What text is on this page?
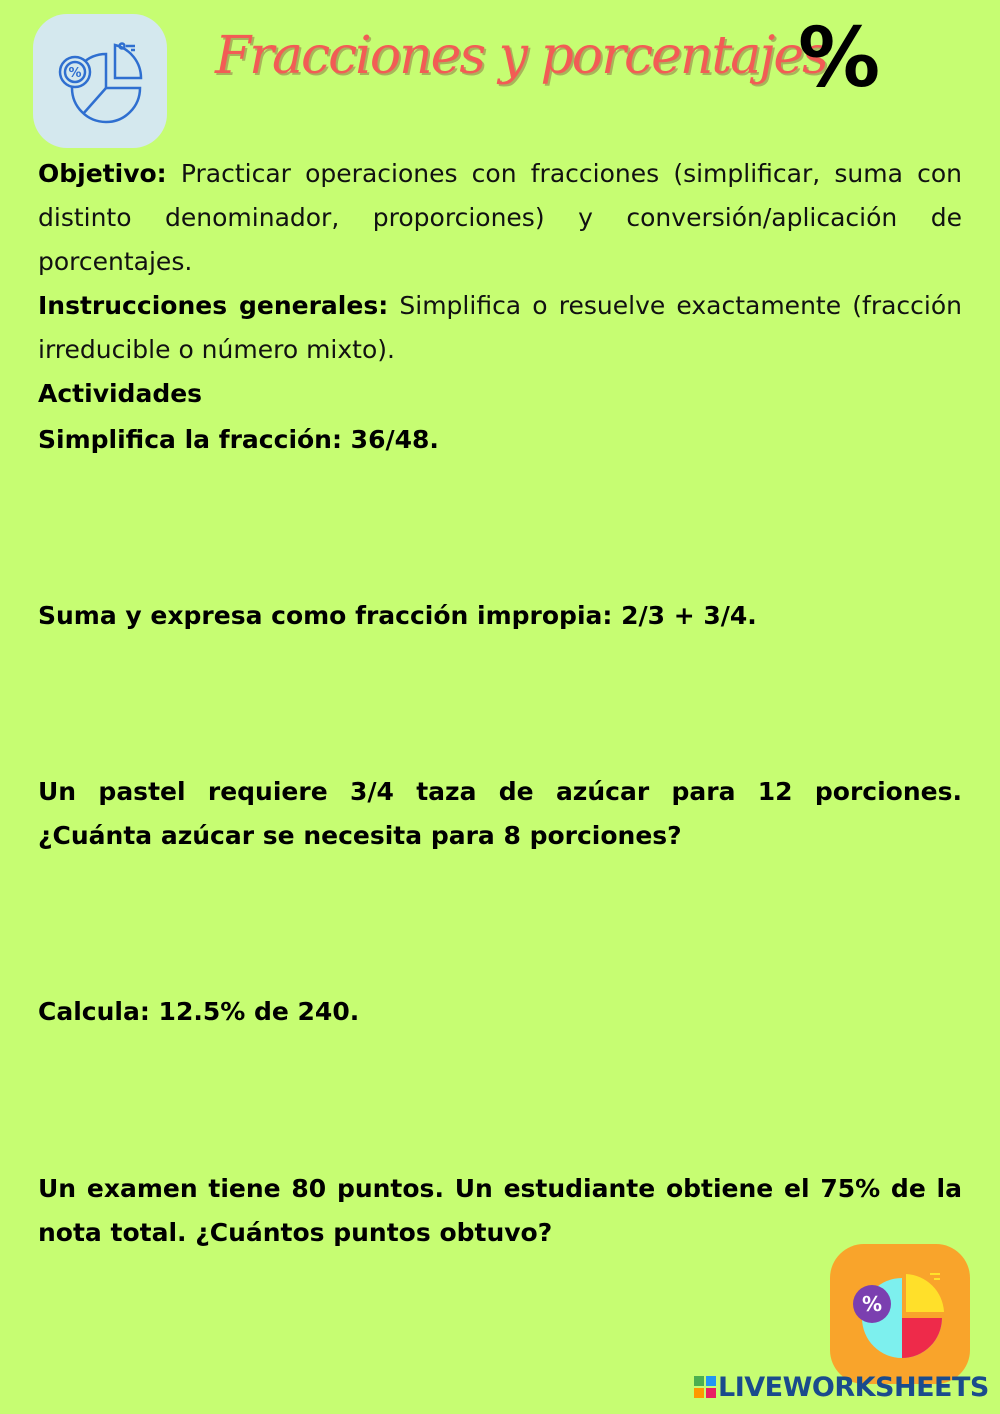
%	Fracciones y porcentajes
%

Objetivo: Practicar operaciones con fracciones (simplificar, suma con distinto denominador, proporciones) y conversión/aplicación de porcentajes.

Instrucciones generales: Simplifica o resuelve exactamente (fracción irreducible o número mixto).

Actividades

Simplifica la fracción: 36/48.

Suma y expresa como fracción impropia: 2/3 + 3/4.

Un pastel requiere 3/4 taza de azúcar para 12 porciones. ¿Cuánta azúcar se necesita para 8 porciones?

Calcula: 12.5% de 240.

Un examen tiene 80 puntos. Un estudiante obtiene el 75% de la nota total. ¿Cuántos puntos obtuvo?

%
LIVEWORKSHEETS
